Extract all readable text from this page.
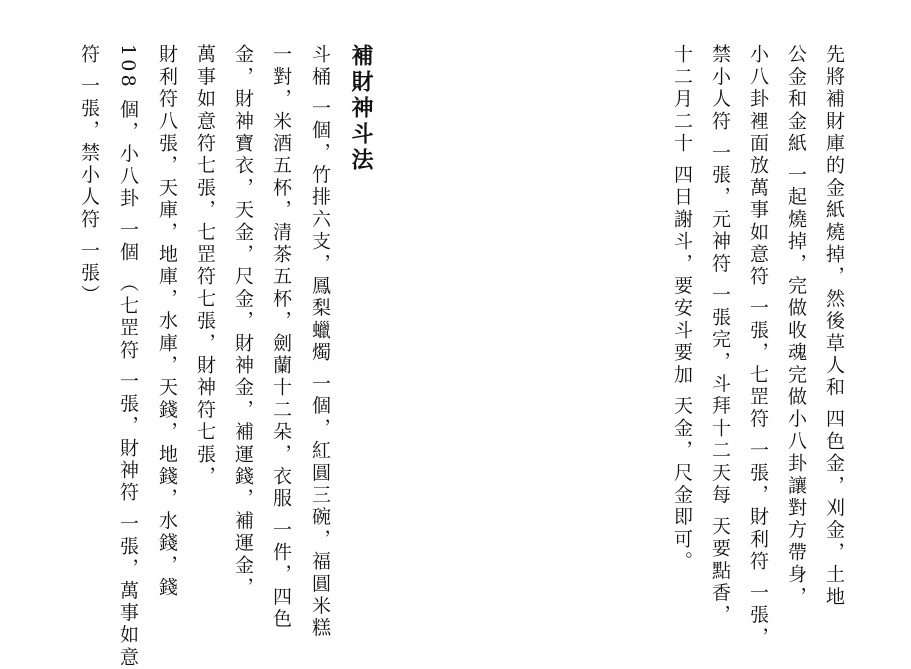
先將補財庫的金紙燒掉，然後草人和 四色金，刈金，土地
公金和金紙 一起燒掉，完做收魂完做小八卦讓對方帶身，
小八卦裡面放萬事如意符 一張，七罡符 一張，財利符 一張，
禁小人符 一張，元神符 一張完，斗拜十二天每 天要點香，
十二月二十 四日謝斗，要安斗要加 天金，尺金即可。
補財神斗法
斗桶 一個，竹排六支，鳳梨蠟燭 一個，紅圓三碗，福圓米糕
一對，米酒五杯，清茶五杯，劍蘭十二朵，衣服 一件，四色
金，財神寶衣，天金，尺金，財神金，補運錢，補運金，
萬事如意符七張，七罡符七張，財神符七張，
財利符八張，天庫，地庫，水庫，天錢，地錢，水錢，錢
108 個，小八卦 一個 （七罡符 一張，財神符 一張，萬事如意
符 一張，禁小人符 一張）
